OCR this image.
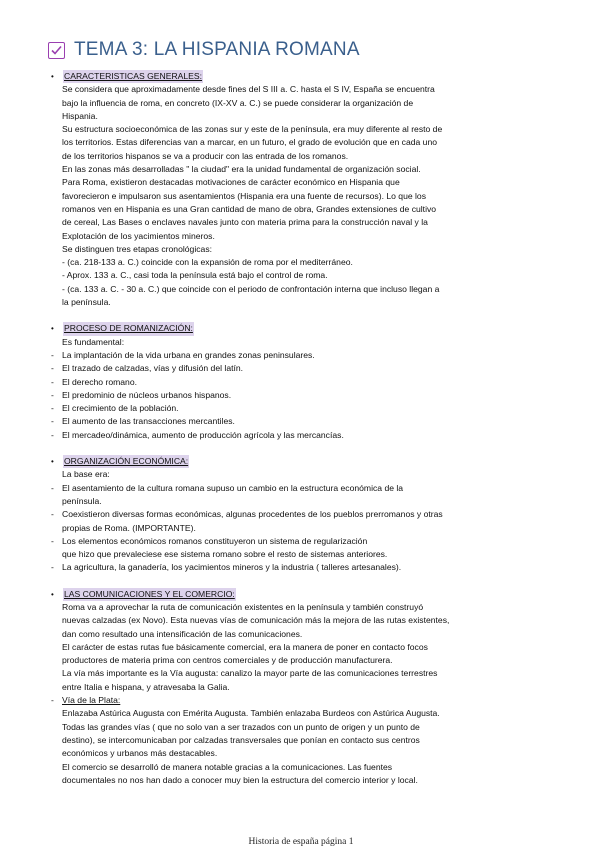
TEMA 3: LA HISPANIA ROMANA
• CARACTERISTICAS GENERALES:
Se considera que aproximadamente desde fines del S III a. C. hasta el S IV, España se encuentra
bajo la influencia de roma, en concreto (IX-XV a. C.) se puede considerar la organización de
Hispania.
Su estructura socioeconómica de las zonas sur y este de la península, era muy diferente al resto de
los territorios. Estas diferencias van a marcar, en un futuro, el grado de evolución que en cada uno
de los territorios hispanos se va a producir con las entrada de los romanos.
En las zonas más desarrolladas " la ciudad" era la unidad fundamental de organización social.
Para Roma, existieron destacadas motivaciones de carácter económico en Hispania que
favorecieron e impulsaron sus asentamientos (Hispania era una fuente de recursos). Lo que los
romanos ven en Hispania es una Gran cantidad de mano de obra, Grandes extensiones de cultivo
de cereal, Las Bases o enclaves navales junto con materia prima para la construcción naval y la
Explotación de los yacimientos mineros.
Se distinguen tres etapas cronológicas:
- (ca. 218-133 a. C.) coincide con la expansión de roma por el mediterráneo.
- Aprox. 133 a. C., casi toda la península está bajo el control de roma.
- (ca. 133 a. C. - 30 a. C.) que coincide con el periodo de confrontación interna que incluso llegan a
la península.
• PROCESO DE ROMANIZACIÓN:
Es fundamental:
- La implantación de la vida urbana en grandes zonas peninsulares.
- El trazado de calzadas, vías y difusión del latín.
- El derecho romano.
- El predominio de núcleos urbanos hispanos.
- El crecimiento de la población.
- El aumento de las transacciones mercantiles.
- El mercadeo/dinámica, aumento de producción agrícola y las mercancías.
• ORGANIZACIÓN ECONÓMICA:
La base era:
- El asentamiento de la cultura romana supuso un cambio en la estructura económica de la
península.
- Coexistieron diversas formas económicas, algunas procedentes de los pueblos prerromanos y otras
propias de Roma. (IMPORTANTE).
- Los elementos económicos romanos constituyeron un sistema de regularización
que hizo que prevaleciese ese sistema romano sobre el resto de sistemas anteriores.
- La agricultura, la ganadería, los yacimientos mineros y la industria ( talleres artesanales).
• LAS COMUNICACIONES Y EL COMERCIO:
Roma va a aprovechar la ruta de comunicación existentes en la península y también construyó
nuevas calzadas (ex Novo). Esta nuevas vías de comunicación más la mejora de las rutas existentes,
dan como resultado una intensificación de las comunicaciones.
El carácter de estas rutas fue básicamente comercial, era la manera de poner en contacto focos
productores de materia prima con centros comerciales y de producción manufacturera.
La vía más importante es la Vía augusta: canalizo la mayor parte de las comunicaciones terrestres
entre Italia e hispana, y atravesaba la Galia.
- Vía de la Plata:
Enlazaba Astúrica Augusta con Emérita Augusta. También enlazaba Burdeos con Astúrica Augusta.
Todas las grandes vías ( que no solo van a ser trazados con un punto de origen y un punto de
destino), se intercomunicaban por calzadas transversales que ponían en contacto sus centros
económicos y urbanos más destacables.
El comercio se desarrolló de manera notable gracias a la comunicaciones. Las fuentes
documentales no nos han dado a conocer muy bien la estructura del comercio interior y local.
Historia de españa página 1
